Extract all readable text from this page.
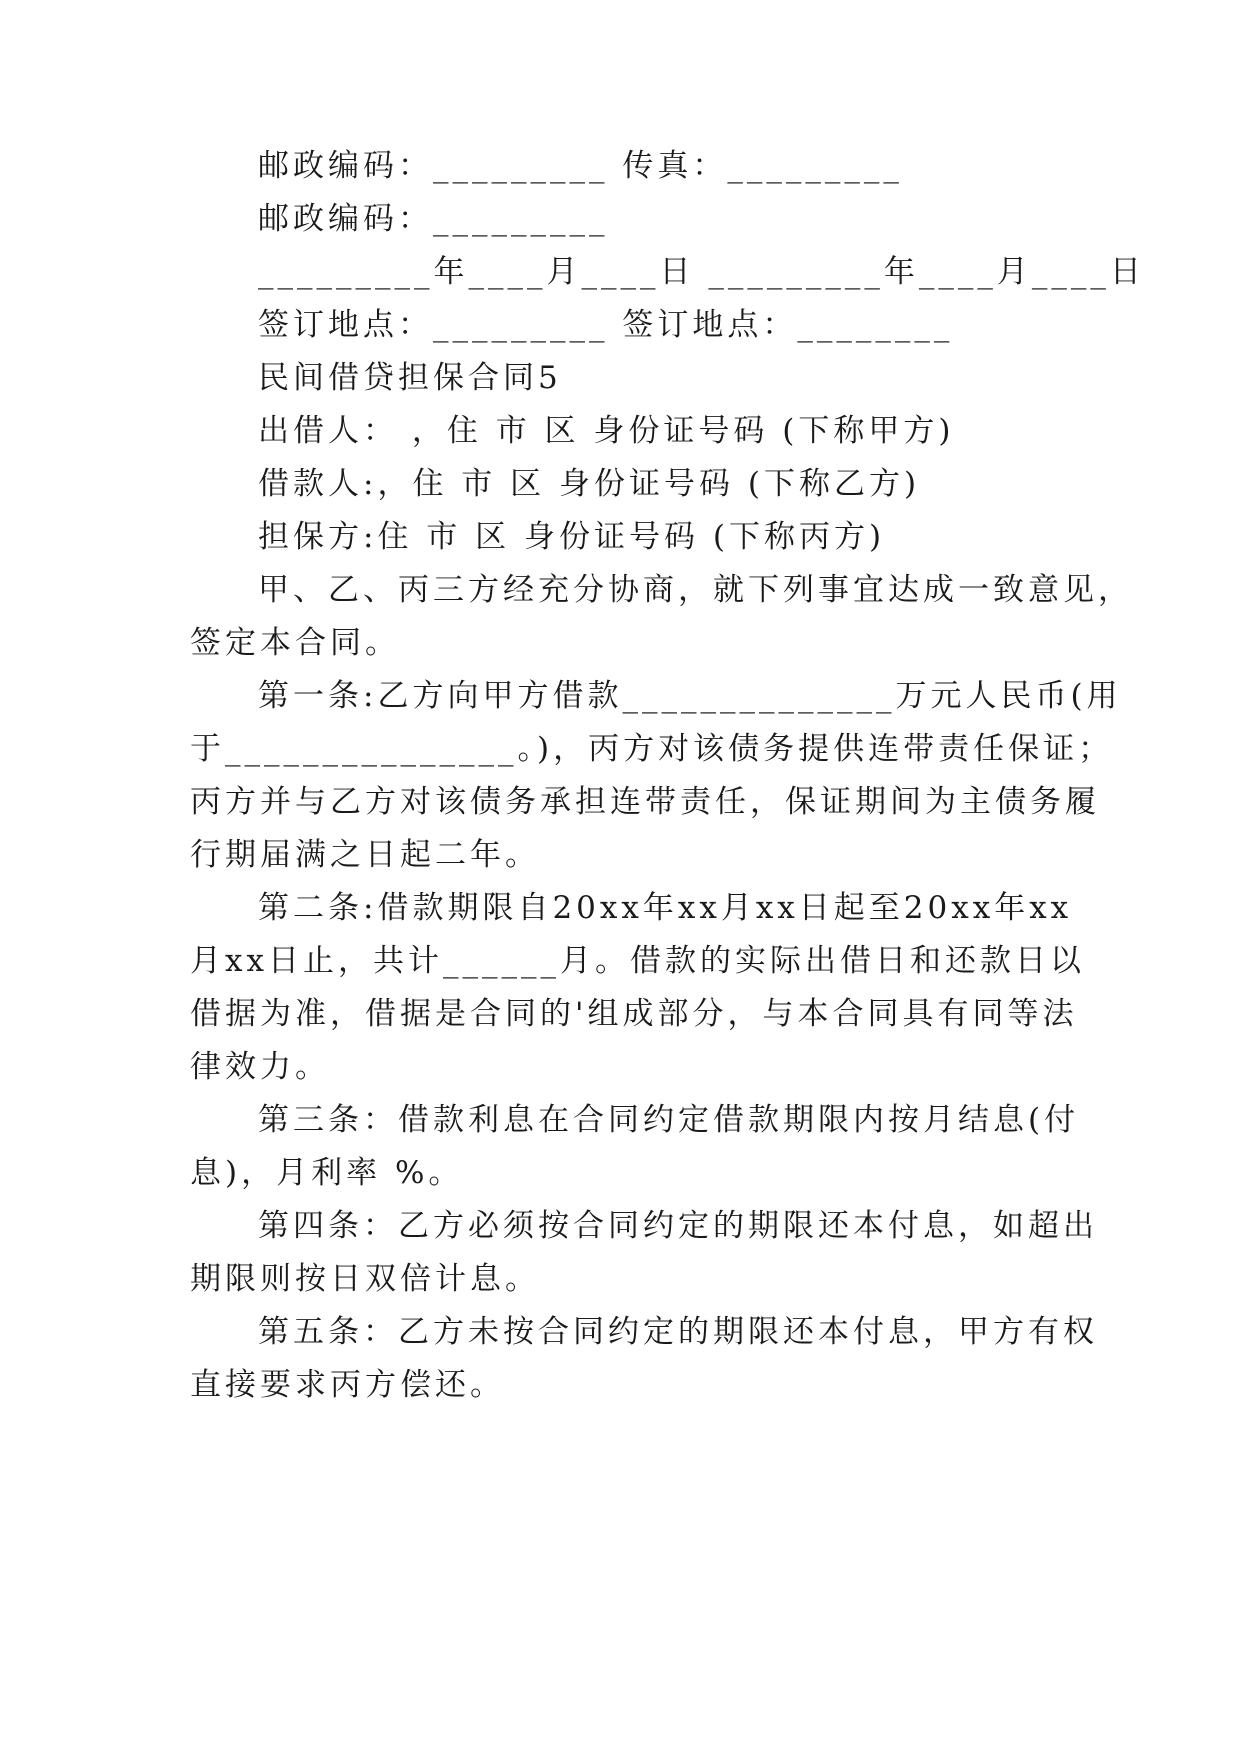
邮政编码：_________ 传真：_________
邮政编码：_________
_________年____月____日 _________年____月____日
签订地点：_________ 签订地点：________
民间借贷担保合同5
出借人： ，住 市 区 身份证号码 (下称甲方)
借款人:，住 市 区 身份证号码 (下称乙方)
担保方:住 市 区 身份证号码 (下称丙方)
甲、乙、丙三方经充分协商，就下列事宜达成一致意见，
签定本合同。
第一条:乙方向甲方借款______________万元人民币(用
于_______________。)，丙方对该债务提供连带责任保证；
丙方并与乙方对该债务承担连带责任，保证期间为主债务履
行期届满之日起二年。
第二条:借款期限自20xx年xx月xx日起至20xx年xx
月xx日止，共计______月。借款的实际出借日和还款日以
借据为准，借据是合同的'组成部分，与本合同具有同等法
律效力。
第三条：借款利息在合同约定借款期限内按月结息(付
息)，月利率 %。
第四条：乙方必须按合同约定的期限还本付息，如超出
期限则按日双倍计息。
第五条：乙方未按合同约定的期限还本付息，甲方有权
直接要求丙方偿还。
